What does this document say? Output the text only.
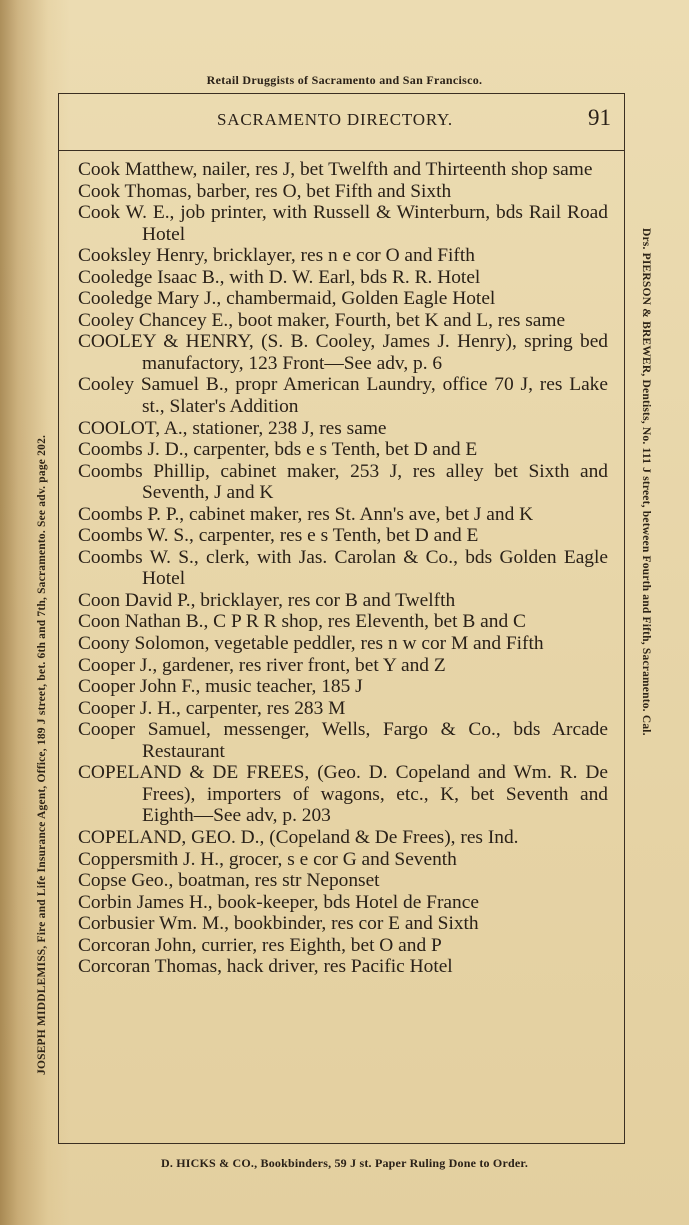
Retail Druggists of Sacramento and San Francisco.
SACRAMENTO DIRECTORY.	91
Cook Matthew, nailer, res J, bet Twelfth and Thirteenth shop same
Cook Thomas, barber, res O, bet Fifth and Sixth
Cook W. E., job printer, with Russell & Winterburn, bds Rail Road Hotel
Cooksley Henry, bricklayer, res n e cor O and Fifth
Cooledge Isaac B., with D. W. Earl, bds R. R. Hotel
Cooledge Mary J., chambermaid, Golden Eagle Hotel
Cooley Chancey E., boot maker, Fourth, bet K and L, res same
COOLEY & HENRY, (S. B. Cooley, James J. Henry), spring bed manufactory, 123 Front—See adv, p. 6
Cooley Samuel B., propr American Laundry, office 70 J, res Lake st., Slater's Addition
COOLOT, A., stationer, 238 J, res same
Coombs J. D., carpenter, bds e s Tenth, bet D and E
Coombs Phillip, cabinet maker, 253 J, res alley bet Sixth and Seventh, J and K
Coombs P. P., cabinet maker, res St. Ann's ave, bet J and K
Coombs W. S., carpenter, res e s Tenth, bet D and E
Coombs W. S., clerk, with Jas. Carolan & Co., bds Golden Eagle Hotel
Coon David P., bricklayer, res cor B and Twelfth
Coon Nathan B., C P R R shop, res Eleventh, bet B and C
Coony Solomon, vegetable peddler, res n w cor M and Fifth
Cooper J., gardener, res river front, bet Y and Z
Cooper John F., music teacher, 185 J
Cooper J. H., carpenter, res 283 M
Cooper Samuel, messenger, Wells, Fargo & Co., bds Arcade Restaurant
COPELAND & DE FREES, (Geo. D. Copeland and Wm. R. De Frees), importers of wagons, etc., K, bet Seventh and Eighth—See adv, p. 203
COPELAND, GEO. D., (Copeland & De Frees), res Ind.
Coppersmith J. H., grocer, s e cor G and Seventh
Copse Geo., boatman, res str Neponset
Corbin James H., book-keeper, bds Hotel de France
Corbusier Wm. M., bookbinder, res cor E and Sixth
Corcoran John, currier, res Eighth, bet O and P
Corcoran Thomas, hack driver, res Pacific Hotel
JOSEPH MIDDLEMISS, Fire and Life Insurance Agent, Office, 189 J street, bet. 6th and 7th, Sacramento. See adv. page 202.	Drs. PIERSON & BREWER, Dentists, No. 111 J street, between Fourth and Fifth, Sacramento. Cal.
D. HICKS & CO., Bookbinders, 59 J st. Paper Ruling Done to Order.
